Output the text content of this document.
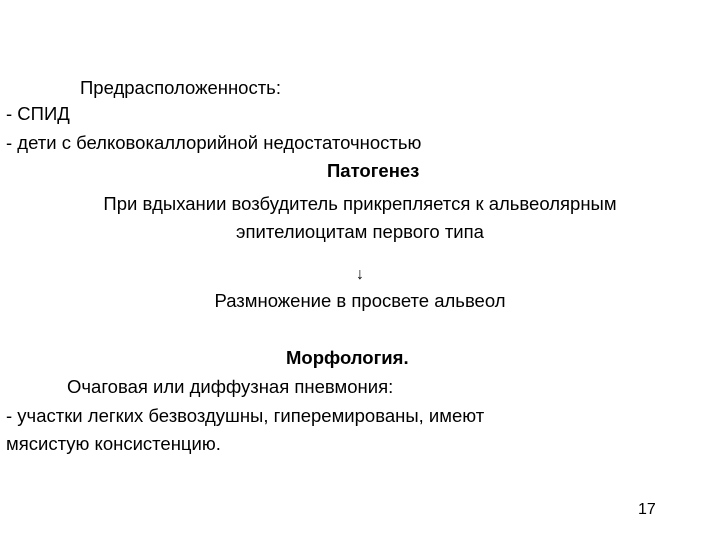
Предрасположенность:

- СПИД

- дети с белковокаллорийной недостаточностью

Патогенез

При вдыхании возбудитель прикрепляется к альвеолярным

эпителиоцитам первого типа

↓

Размножение в просвете альвеол

Морфология.

Очаговая или диффузная пневмония:

- участки легких безвоздушны, гиперемированы, имеют

мясистую консистенцию.

17
